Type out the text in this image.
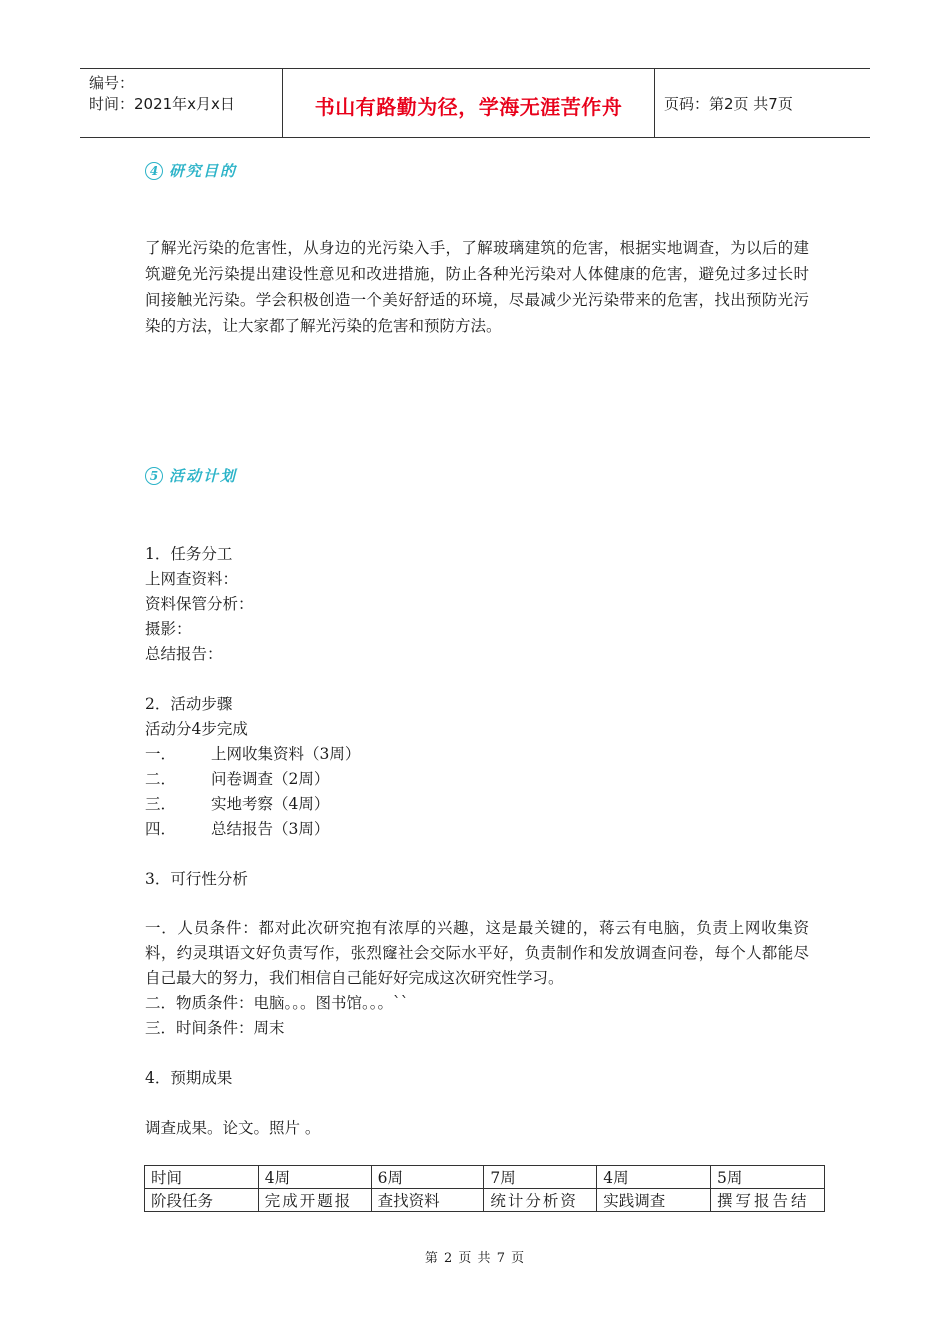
编号：
时间：2021年x月x日	书山有路勤为径，学海无涯苦作舟	页码：第2页 共7页
4 研究目的
了解光污染的危害性，从身边的光污染入手，了解玻璃建筑的危害，根据实地调查，为以后的建筑避免光污染提出建设性意见和改进措施，防止各种光污染对人体健康的危害，避免过多过长时间接触光污染。学会积极创造一个美好舒适的环境，尽最减少光污染带来的危害，找出预防光污染的方法，让大家都了解光污染的危害和预防方法。
5 活动计划
1．任务分工
上网查资料：
资料保管分析：
摄影：
总结报告：
2．活动步骤
活动分4步完成
一． 上网收集资料（3周）
二． 问卷调查（2周）
三． 实地考察（4周）
四． 总结报告（3周）
3．可行性分析
一．人员条件：都对此次研究抱有浓厚的兴趣，这是最关键的，蒋云有电脑，负责上网收集资料，约灵琪语文好负责写作，张烈窿社会交际水平好，负责制作和发放调查问卷，每个人都能尽自己最大的努力，我们相信自己能好好完成这次研究性学习。
二．物质条件：电脑。。。图书馆。。。``
三．时间条件：周末
4．预期成果
调查成果。论文。照片 。
时间	4周	6周	7周	4周	5周
阶段任务	完成开题报	查找资料	统计分析资	实践调查	撰写报告结
第 2 页 共 7 页
